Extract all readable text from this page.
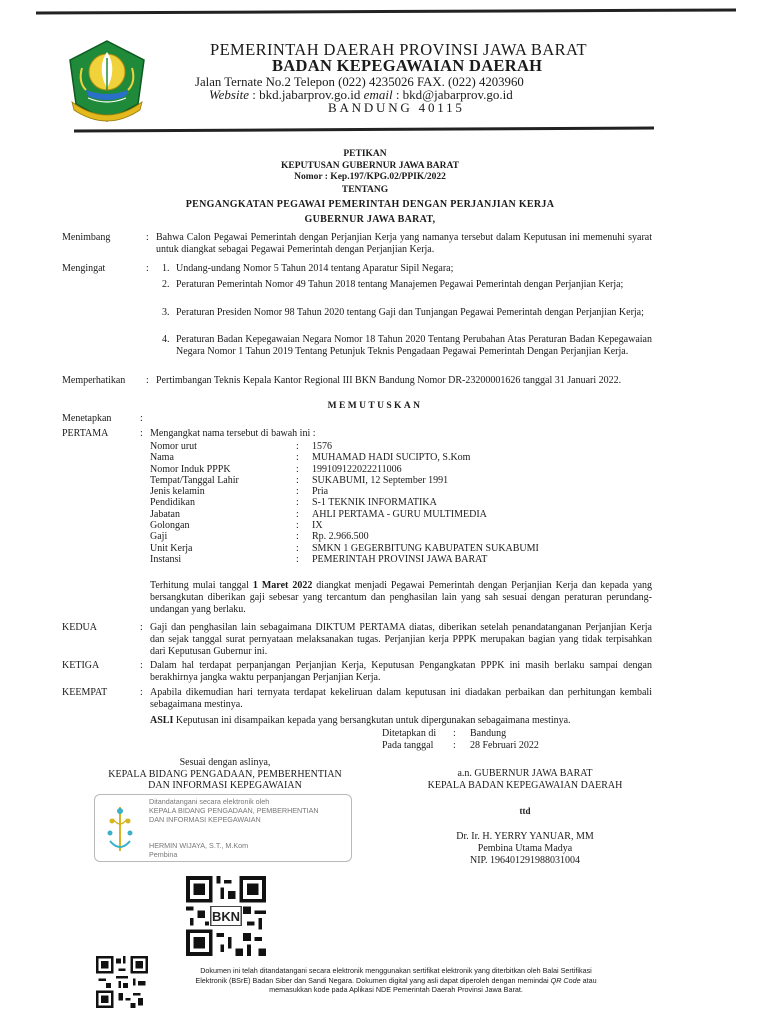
PEMERINTAH DAERAH PROVINSI JAWA BARAT
BADAN KEPEGAWAIAN DAERAH
Jalan Ternate No.2 Telepon (022) 4235026 FAX. (022) 4203960
Website : bkd.jabarprov.go.id email : bkd@jabarprov.go.id
BANDUNG 40115
PETIKAN
KEPUTUSAN GUBERNUR JAWA BARAT
Nomor : Kep.197/KPG.02/PPIK/2022
TENTANG
PENGANGKATAN PEGAWAI PEMERINTAH DENGAN PERJANJIAN KERJA
GUBERNUR JAWA BARAT,
Menimbang	: Bahwa Calon Pegawai Pemerintah dengan Perjanjian Kerja yang namanya tersebut dalam Keputusan ini memenuhi syarat untuk diangkat sebagai Pegawai Pemerintah dengan Perjanjian Kerja.
Mengingat	: 1. Undang-undang Nomor 5 Tahun 2014 tentang Aparatur Sipil Negara;
2. Peraturan Pemerintah Nomor 49 Tahun 2018 tentang Manajemen Pegawai Pemerintah dengan Perjanjian Kerja;
3. Peraturan Presiden Nomor 98 Tahun 2020 tentang Gaji dan Tunjangan Pegawai Pemerintah dengan Perjanjian Kerja;
4. Peraturan Badan Kepegawaian Negara Nomor 18 Tahun 2020 Tentang Perubahan Atas Peraturan Badan Kepegawaian Negara Nomor 1 Tahun 2019 Tentang Petunjuk Teknis Pengadaan Pegawai Pemerintah Dengan Perjanjian Kerja.
Memperhatikan : Pertimbangan Teknis Kepala Kantor Regional III BKN Bandung Nomor DR-23200001626 tanggal 31 Januari 2022.
MEMUTUSKAN
Menetapkan	:
PERTAMA	: Mengangkat nama tersebut di bawah ini :
Nomor urut	: 1576
Nama	: MUHAMAD HADI SUCIPTO, S.Kom
Nomor Induk PPPK	: 199109122022211006
Tempat/Tanggal Lahir	: SUKABUMI, 12 September 1991
Jenis kelamin	: Pria
Pendidikan	: S-1 TEKNIK INFORMATIKA
Jabatan	: AHLI PERTAMA - GURU MULTIMEDIA
Golongan	: IX
Gaji	: Rp. 2.966.500
Unit Kerja	: SMKN 1 GEGERBITUNG KABUPATEN SUKABUMI
Instansi	: PEMERINTAH PROVINSI JAWA BARAT
Terhitung mulai tanggal 1 Maret 2022 diangkat menjadi Pegawai Pemerintah dengan Perjanjian Kerja dan kepada yang bersangkutan diberikan gaji sebesar yang tercantum dan penghasilan lain yang sah sesuai dengan peraturan perundang-undangan yang berlaku.
KEDUA	: Gaji dan penghasilan lain sebagaimana DIKTUM PERTAMA diatas, diberikan setelah penandatanganan Perjanjian Kerja dan sejak tanggal surat pernyataan melaksanakan tugas. Perjanjian kerja PPPK merupakan bagian yang tidak terpisahkan dari Keputusan Gubernur ini.
KETIGA	: Dalam hal terdapat perpanjangan Perjanjian Kerja, Keputusan Pengangkatan PPPK ini masih berlaku sampai dengan berakhirnya jangka waktu perpanjangan Perjanjian Kerja.
KEEMPAT	: Apabila dikemudian hari ternyata terdapat kekeliruan dalam keputusan ini diadakan perbaikan dan perhitungan kembali sebagaimana mestinya.
ASLI Keputusan ini disampaikan kepada yang bersangkutan untuk dipergunakan sebagaimana mestinya.
Ditetapkan di : Bandung
Pada tanggal : 28 Februari 2022
Sesuai dengan aslinya,
KEPALA BIDANG PENGADAAN, PEMBERHENTIAN
DAN INFORMASI KEPEGAWAIAN
Ditandatangani secara elektronik oleh
KEPALA BIDANG PENGADAAN, PEMBERHENTIAN
DAN INFORMASI KEPEGAWAIAN
HERMIN WIJAYA, S.T., M.Kom
Pembina
a.n. GUBERNUR JAWA BARAT
KEPALA BADAN KEPEGAWAIAN DAERAH
ttd
Dr. Ir. H. YERRY YANUAR, MM
Pembina Utama Madya
NIP. 196401291988031004
BKN
Dokumen ini telah ditandatangani secara elektronik menggunakan sertifikat elektronik yang diterbitkan oleh Balai Sertifikasi
Elektronik (BSrE) Badan Siber dan Sandi Negara. Dokumen digital yang asli dapat diperoleh dengan memindai QR Code atau
memasukkan kode pada Aplikasi NDE Pemerintah Daerah Provinsi Jawa Barat.
